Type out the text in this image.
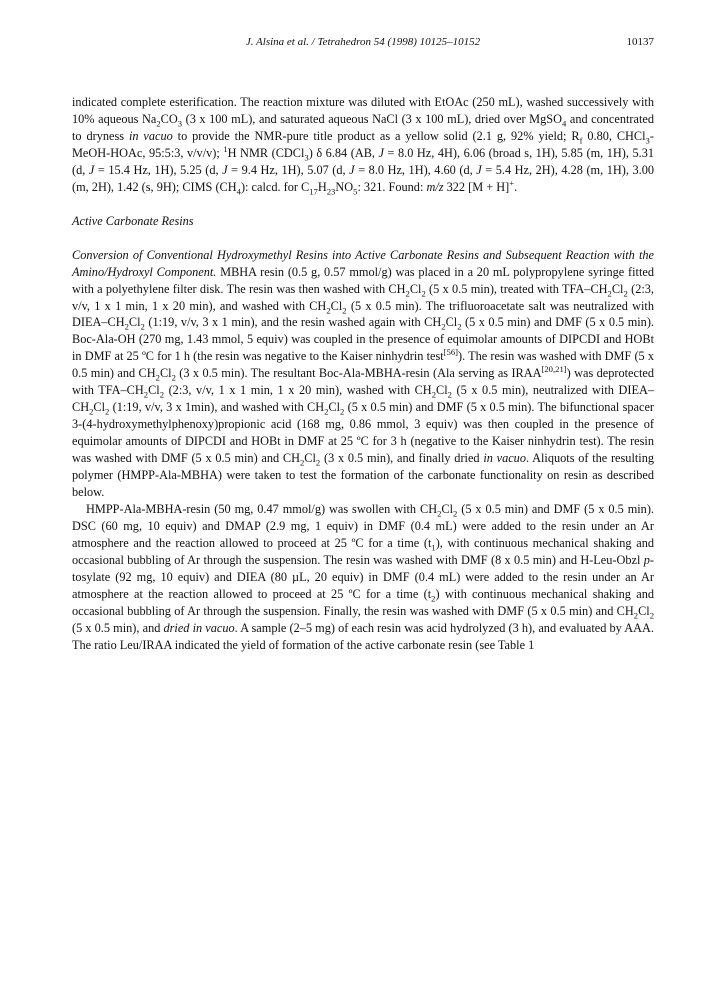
J. Alsina et al. / Tetrahedron 54 (1998) 10125–10152	10137

indicated complete esterification. The reaction mixture was diluted with EtOAc (250 mL), washed successively with 10% aqueous $Na_2CO_3$ (3 x 100 mL), and saturated aqueous NaCl (3 x 100 mL), dried over MgSO$_4$ and concentrated to dryness in vacuo to provide the NMR-pure title product as a yellow solid (2.1 g, 92% yield; $R_f$ 0.80, CHCl$_3$-MeOH-HOAc, 95:5:3, v/v/v); $^1$H NMR (CDCl$_3$) δ 6.84 (AB, J = 8.0 Hz, 4H), 6.06 (broad s, 1H), 5.85 (m, 1H), 5.31 (d, J = 15.4 Hz, 1H), 5.25 (d, J = 9.4 Hz, 1H), 5.07 (d, J = 8.0 Hz, 1H), 4.60 (d, J = 5.4 Hz, 2H), 4.28 (m, 1H), 3.00 (m, 2H), 1.42 (s, 9H); CIMS $(CH_4)$: calcd. for $C_{17}H_{23}NO_5$: 321. Found: m/z 322 [M + H]+.

Active Carbonate Resins

Conversion of Conventional Hydroxymethyl Resins into Active Carbonate Resins and Subsequent Reaction with the Amino/Hydroxyl Component. MBHA resin (0.5 g, 0.57 mmol/g) was placed in a 20 mL polypropylene syringe fitted with a polyethylene filter disk. The resin was then washed with $CH_2Cl_2$ (5 x 0.5 min), treated with TFA–$CH_2Cl_2$ (2:3, v/v, 1 x 1 min, 1 x 20 min), and washed with $CH_2Cl_2$ (5 x 0.5 min). The trifluoroacetate salt was neutralized with DIEA–$CH_2Cl_2$ (1:19, v/v, 3 x 1 min), and the resin washed again with $CH_2Cl_2$ (5 x 0.5 min) and DMF (5 x 0.5 min). Boc-Ala-OH (270 mg, 1.43 mmol, 5 equiv) was coupled in the presence of equimolar amounts of DIPCDI and HOBt in DMF at 25 ºC for 1 h (the resin was negative to the Kaiser ninhydrin test[56]). The resin was washed with DMF (5 x 0.5 min) and $CH_2Cl_2$ (3 x 0.5 min). The resultant Boc-Ala-MBHA-resin (Ala serving as IRAA[20,21]) was deprotected with TFA–$CH_2Cl_2$ (2:3, v/v, 1 x 1 min, 1 x 20 min), washed with $CH_2Cl_2$ (5 x 0.5 min), neutralized with DIEA–$CH_2Cl_2$ (1:19, v/v, 3 x 1min), and washed with $CH_2Cl_2$ (5 x 0.5 min) and DMF (5 x 0.5 min). The bifunctional spacer 3-(4-hydroxymethylphenoxy)propionic acid (168 mg, 0.86 mmol, 3 equiv) was then coupled in the presence of equimolar amounts of DIPCDI and HOBt in DMF at 25 ºC for 3 h (negative to the Kaiser ninhydrin test). The resin was washed with DMF (5 x 0.5 min) and $CH_2Cl_2$ (3 x 0.5 min), and finally dried in vacuo. Aliquots of the resulting polymer (HMPP-Ala-MBHA) were taken to test the formation of the carbonate functionality on resin as described below.

HMPP-Ala-MBHA-resin (50 mg, 0.47 mmol/g) was swollen with $CH_2Cl_2$ (5 x 0.5 min) and DMF (5 x 0.5 min). DSC (60 mg, 10 equiv) and DMAP (2.9 mg, 1 equiv) in DMF (0.4 mL) were added to the resin under an Ar atmosphere and the reaction allowed to proceed at 25 ºC for a time $(t_1)$, with continuous mechanical shaking and occasional bubbling of Ar through the suspension. The resin was washed with DMF (8 x 0.5 min) and H-Leu-Obzl p-tosylate (92 mg, 10 equiv) and DIEA (80 µL, 20 equiv) in DMF (0.4 mL) were added to the resin under an Ar atmosphere at the reaction allowed to proceed at 25 ºC for a time $(t_2)$ with continuous mechanical shaking and occasional bubbling of Ar through the suspension. Finally, the resin was washed with DMF (5 x 0.5 min) and $CH_2Cl_2$ (5 x 0.5 min), and dried in vacuo. A sample (2–5 mg) of each resin was acid hydrolyzed (3 h), and evaluated by AAA. The ratio Leu/IRAA indicated the yield of formation of the active carbonate resin (see Table 1
